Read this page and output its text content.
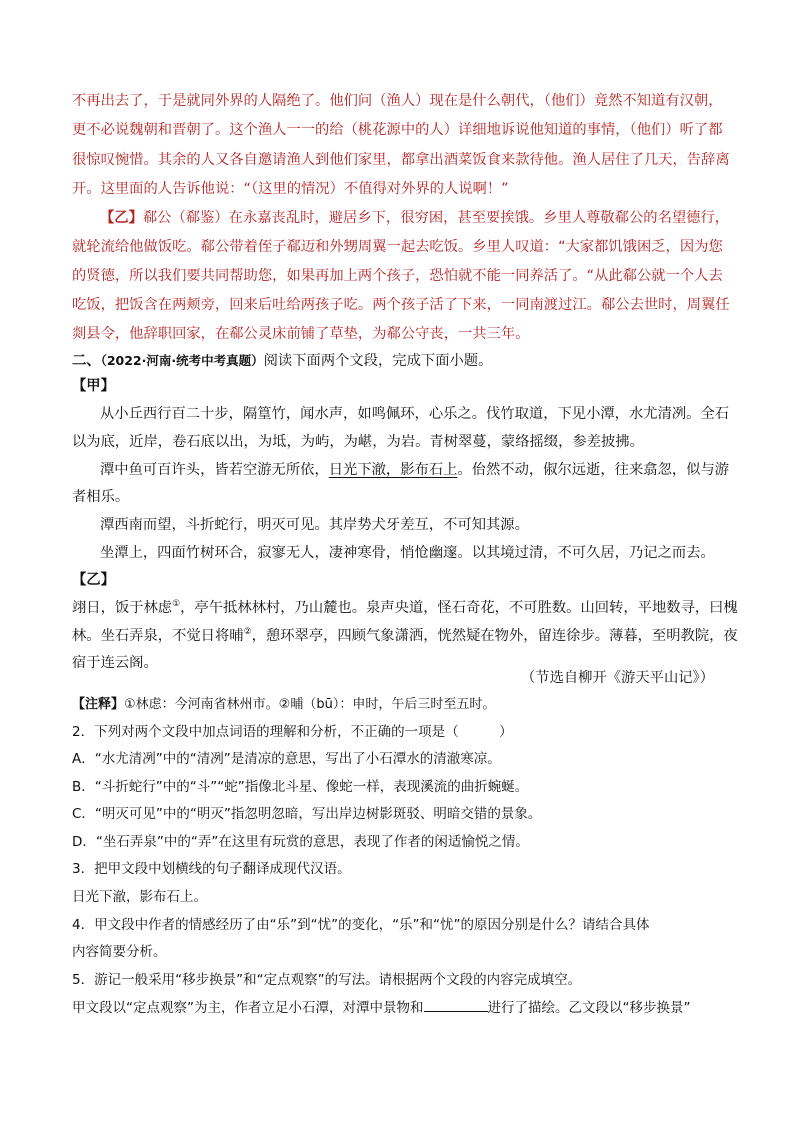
不再出去了，于是就同外界的人隔绝了。他们问（渔人）现在是什么朝代，（他们）竟然不知道有汉朝，
更不必说魏朝和晋朝了。这个渔人一一的给（桃花源中的人）详细地诉说他知道的事情，（他们）听了都
很惊叹惋惜。其余的人又各自邀请渔人到他们家里，都拿出酒菜饭食来款待他。渔人居住了几天，告辞离
开。这里面的人告诉他说：“（这里的情况）不值得对外界的人说啊！”
【乙】郗公（郗鉴）在永嘉丧乱时，避居乡下，很穷困，甚至要挨饿。乡里人尊敬郗公的名望德行，
就轮流给他做饭吃。郗公带着侄子郗迈和外甥周翼一起去吃饭。乡里人叹道：“大家都饥饿困乏，因为您
的贤德，所以我们要共同帮助您，如果再加上两个孩子，恐怕就不能一同养活了。“从此郗公就一个人去
吃饭，把饭含在两颊旁，回来后吐给两孩子吃。两个孩子活了下来，一同南渡过江。郗公去世时，周翼任
剡县令，他辞职回家，在郗公灵床前铺了草垫，为郗公守丧，一共三年。
二、（2022·河南·统考中考真题）阅读下面两个文段，完成下面小题。
【甲】
从小丘西行百二十步，隔篁竹，闻水声，如鸣佩环，心乐之。伐竹取道，下见小潭，水尤清冽。全石
以为底，近岸，卷石底以出，为坻，为屿，为嵁，为岩。青树翠蔓，蒙络摇缀，参差披拂。
潭中鱼可百许头，皆若空游无所依，日光下澈，影布石上。佁然不动，俶尔远逝，往来翕忽，似与游
者相乐。
潭西南而望，斗折蛇行，明灭可见。其岸势犬牙差互，不可知其源。
坐潭上，四面竹树环合，寂寥无人，凄神寒骨，悄怆幽邃。以其境过清，不可久居，乃记之而去。
【乙】
翊日，饭于林虑①，亭午抵林林村，乃山麓也。泉声央道，怪石奇花，不可胜数。山回转，平地数寻，曰槐
林。坐石弄泉，不觉日将晡②，憩环翠亭，四顾气象潇洒，恍然疑在物外，留连徐步。薄暮，至明教院，夜
宿于连云阁。
（节选自柳开《游天平山记》）
【注释】①林虑：今河南省林州市。②晡（bū）：申时，午后三时至五时。
2．下列对两个文段中加点词语的理解和分析，不正确的一项是（　　　）
A．“水尤清冽”中的“清冽”是清凉的意思，写出了小石潭水的清澈寒凉。
B．“斗折蛇行”中的“斗”“蛇”指像北斗星、像蛇一样，表现溪流的曲折蜿蜒。
C．“明灭可见”中的“明灭”指忽明忽暗，写出岸边树影斑驳、明暗交错的景象。
D．“坐石弄泉”中的“弄”在这里有玩赏的意思，表现了作者的闲适愉悦之情。
3．把甲文段中划横线的句子翻译成现代汉语。
日光下澈，影布石上。
4．甲文段中作者的情感经历了由“乐”到“忧”的变化，“乐”和“忧”的原因分别是什么？请结合具体
内容简要分析。
5．游记一般采用“移步换景”和“定点观察”的写法。请根据两个文段的内容完成填空。
甲文段以“定点观察”为主，作者立足小石潭，对潭中景物和	进行了描绘。乙文段以“移步换景”
